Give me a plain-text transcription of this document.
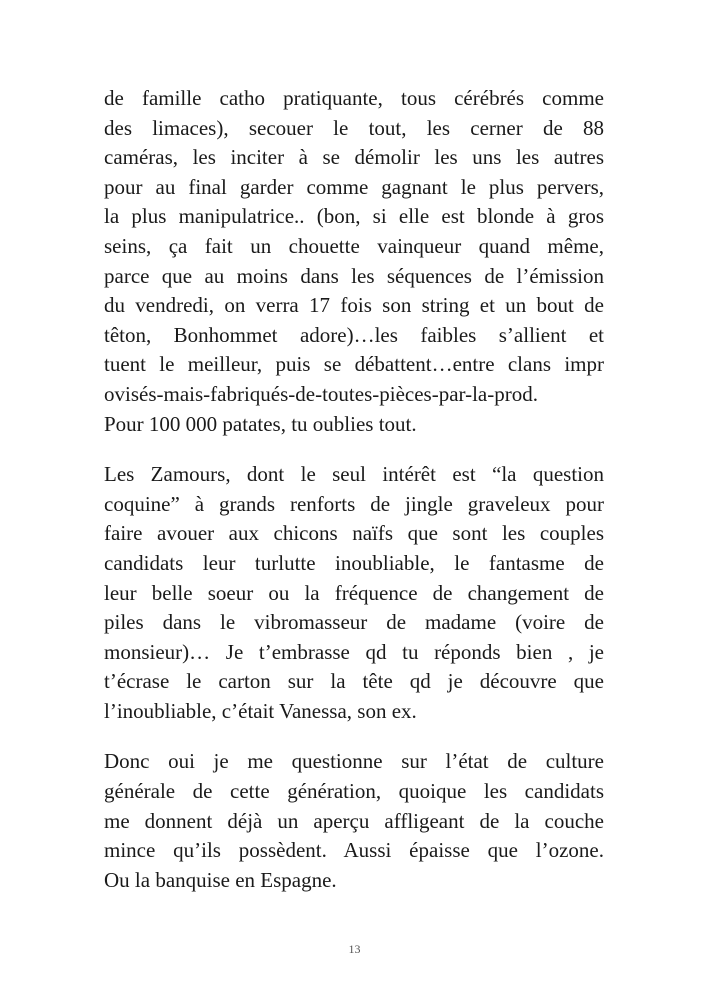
de famille catho pratiquante, tous cérébrés comme
des limaces), secouer le tout, les cerner de 88
caméras, les inciter à se démolir les uns les autres
pour au final garder comme gagnant le plus pervers,
la plus manipulatrice.. (bon, si elle est blonde à gros
seins, ça fait un chouette vainqueur quand même,
parce que au moins dans les séquences de l’émission
du vendredi, on verra 17 fois son string et un bout de
têton, Bonhommet adore)…les faibles s’allient et
tuent le meilleur, puis se débattent…entre clans impr
ovisés-mais-fabriqués-de-toutes-pièces-par-la-prod.
Pour 100 000 patates, tu oublies tout.
Les Zamours, dont le seul intérêt est “la question
coquine” à grands renforts de jingle graveleux pour
faire avouer aux chicons naïfs que sont les couples
candidats leur turlutte inoubliable, le fantasme de
leur belle soeur ou la fréquence de changement de
piles dans le vibromasseur de madame (voire de
monsieur)… Je t’embrasse qd tu réponds bien , je
t’écrase le carton sur la tête qd je découvre que
l’inoubliable, c’était Vanessa, son ex.
Donc oui je me questionne sur l’état de culture
générale de cette génération, quoique les candidats
me donnent déjà un aperçu affligeant de la couche
mince qu’ils possèdent. Aussi épaisse que l’ozone.
Ou la banquise en Espagne.
13
